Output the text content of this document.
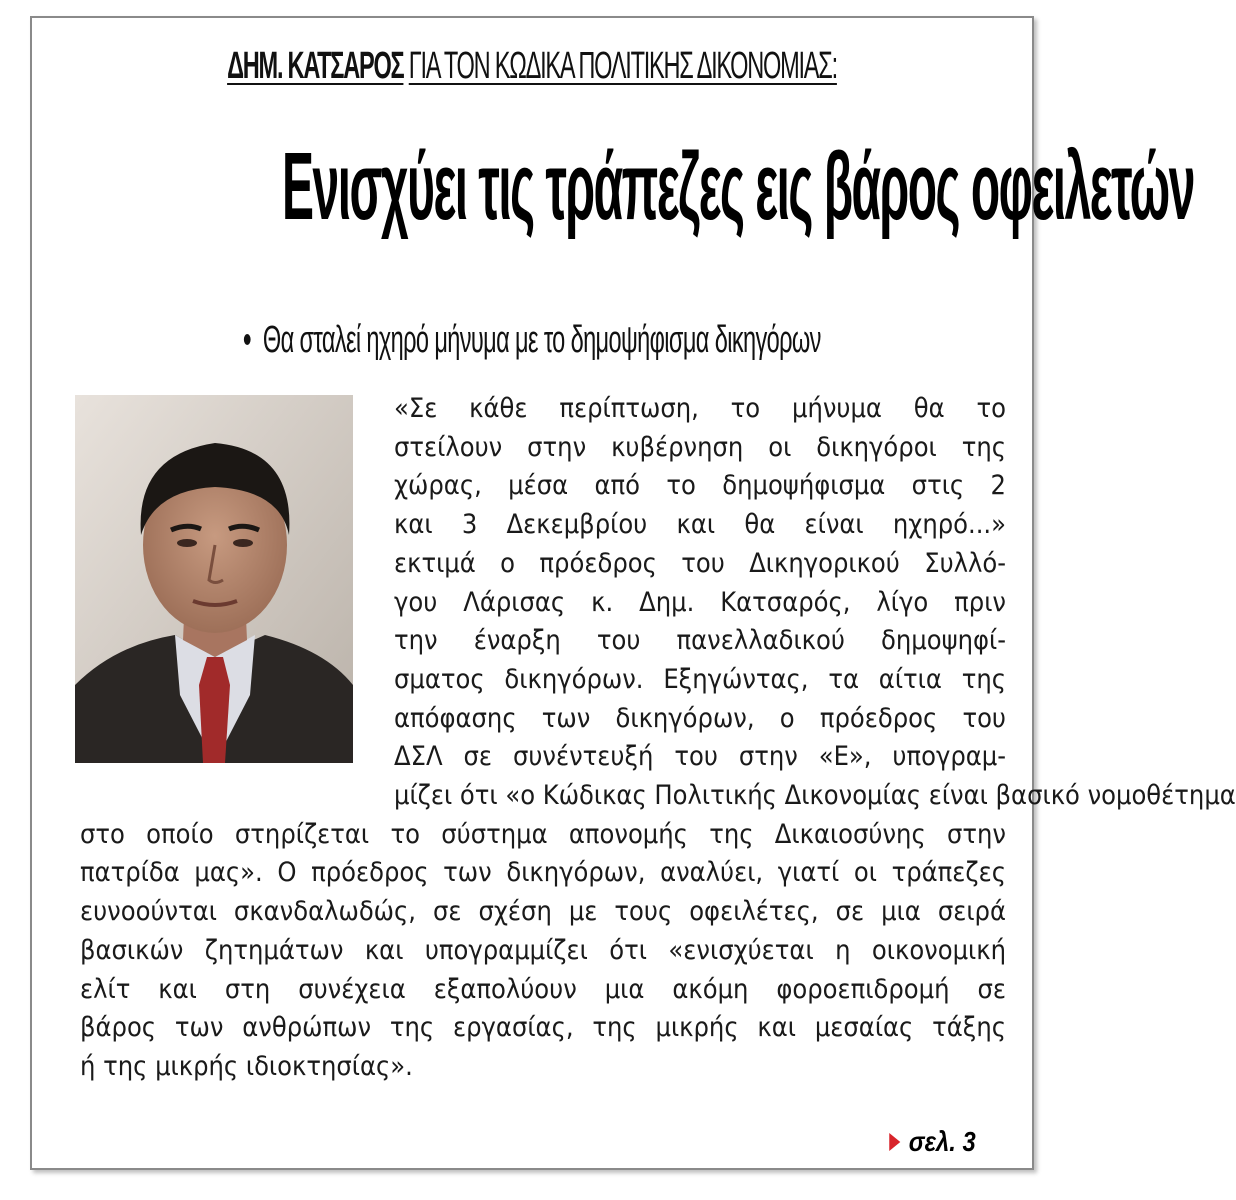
ΔΗΜ. ΚΑΤΣΑΡΟΣ ΓΙΑ ΤΟΝ ΚΩΔΙΚΑ ΠΟΛΙΤΙΚΗΣ ΔΙΚΟΝΟΜΙΑΣ:
Ενισχύει τις τράπεζες εις βάρος οφειλετών
• Θα σταλεί ηχηρό μήνυμα με το δημοψήφισμα δικηγόρων
«Σε κάθε περίπτωση, το μήνυμα θα το
στείλουν στην κυβέρνηση οι δικηγόροι της
χώρας, μέσα από το δημοψήφισμα στις 2
και 3 Δεκεμβρίου και θα είναι ηχηρό...»
εκτιμά ο πρόεδρος του Δικηγορικού Συλλό-
γου Λάρισας κ. Δημ. Κατσαρός, λίγο πριν
την έναρξη του πανελλαδικού δημοψηφί-
σματος δικηγόρων. Εξηγώντας, τα αίτια της
απόφασης των δικηγόρων, ο πρόεδρος του
ΔΣΛ σε συνέντευξή του στην «Ε», υπογραμ-
μίζει ότι «ο Κώδικας Πολιτικής Δικονομίας είναι βασικό νομοθέτημα
στο οποίο στηρίζεται το σύστημα απονομής της Δικαιοσύνης στην
πατρίδα μας». Ο πρόεδρος των δικηγόρων, αναλύει, γιατί οι τράπεζες
ευνοούνται σκανδαλωδώς, σε σχέση με τους οφειλέτες, σε μια σειρά
βασικών ζητημάτων και υπογραμμίζει ότι «ενισχύεται η οικονομική
ελίτ και στη συνέχεια εξαπολύουν μια ακόμη φοροεπιδρομή σε
βάρος των ανθρώπων της εργασίας, της μικρής και μεσαίας τάξης
ή της μικρής ιδιοκτησίας».
σελ. 3
